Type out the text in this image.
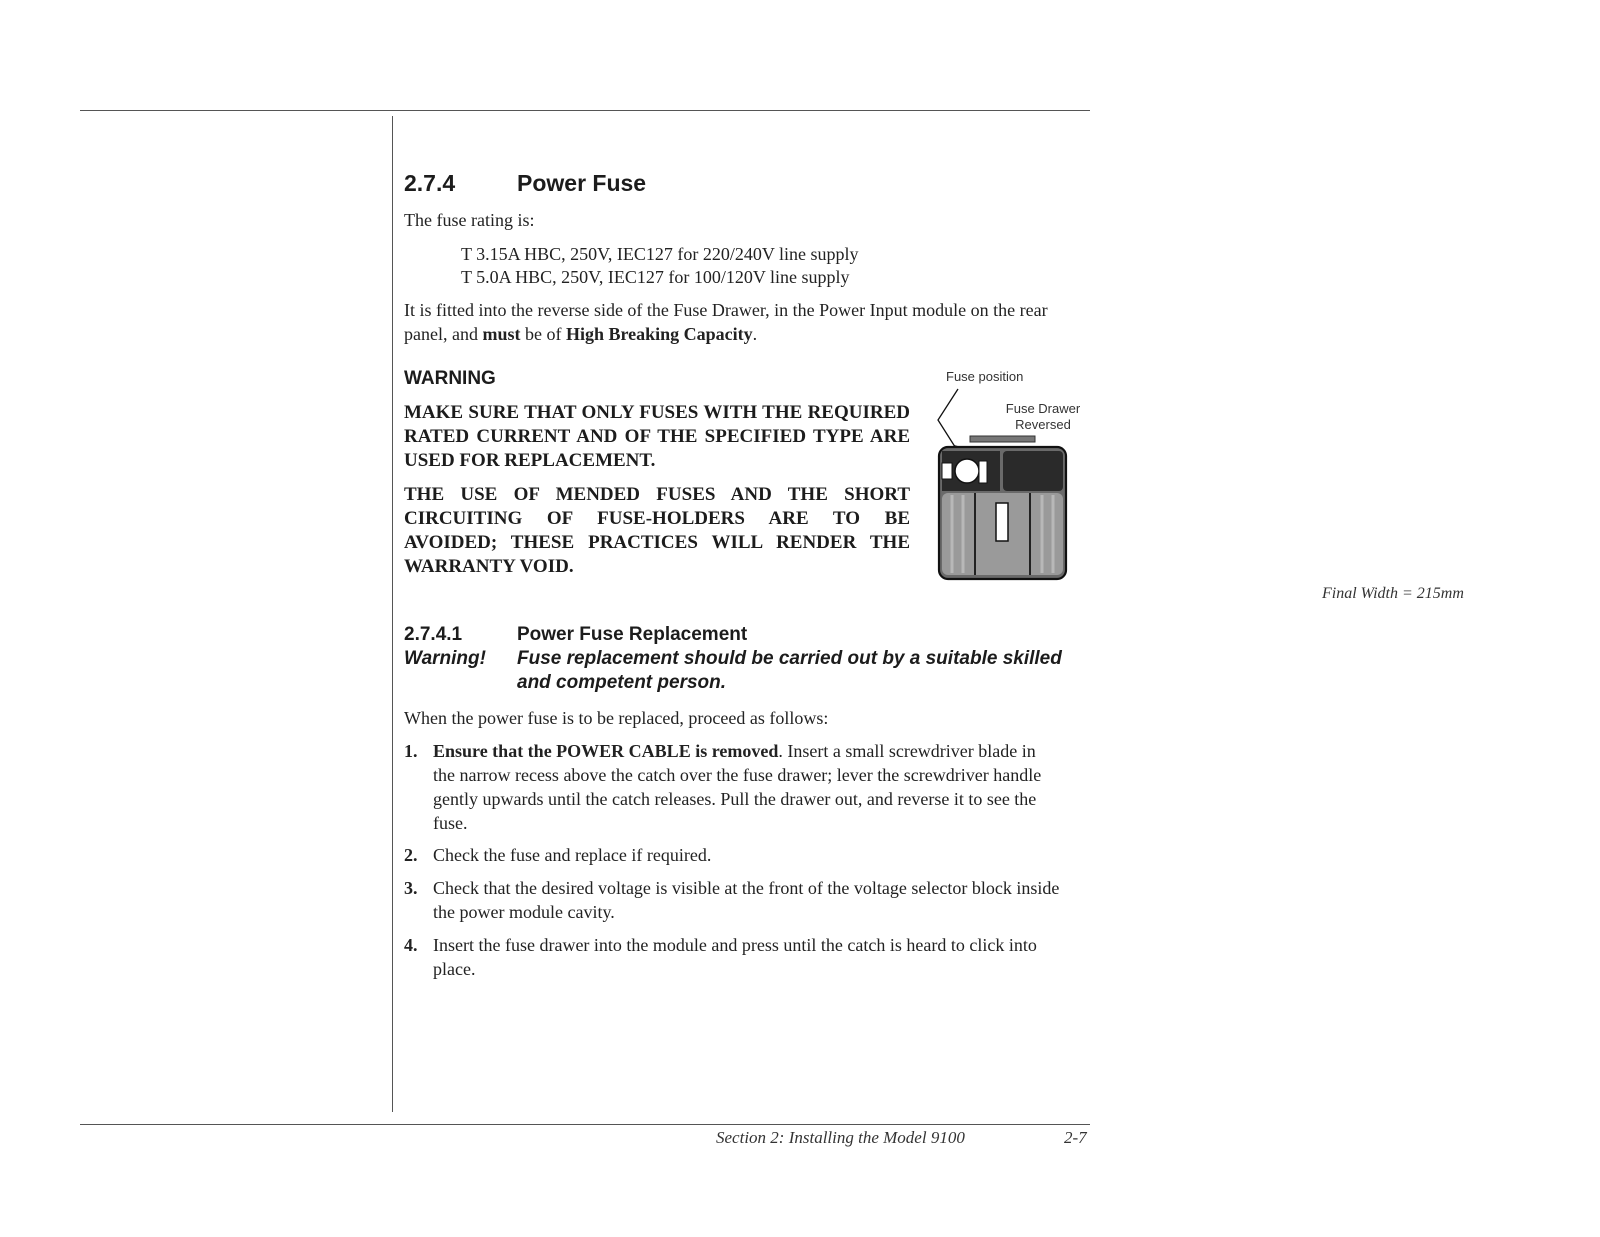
2.7.4	Power Fuse
The fuse rating is:
T 3.15A HBC, 250V, IEC127 for 220/240V line supply
T 5.0A HBC, 250V, IEC127 for 100/120V line supply
It is fitted into the reverse side of the Fuse Drawer, in the Power Input module on the rear panel, and must be of High Breaking Capacity.
WARNING
MAKE SURE THAT ONLY FUSES WITH THE REQUIRED
RATED CURRENT AND OF THE SPECIFIED TYPE ARE
USED FOR REPLACEMENT.
THE USE OF MENDED FUSES AND THE SHORT
CIRCUITING OF FUSE-HOLDERS ARE TO BE
AVOIDED; THESE PRACTICES WILL RENDER THE
WARRANTY VOID.
Fuse position
Fuse Drawer
Reversed
2.7.4.1	Power Fuse Replacement
Warning! Fuse replacement should be carried out by a suitable skilled
and competent person.
When the power fuse is to be replaced, proceed as follows:
1. Ensure that the POWER CABLE is removed. Insert a small screwdriver blade in
the narrow recess above the catch over the fuse drawer; lever the screwdriver handle
gently upwards until the catch releases. Pull the drawer out, and reverse it to see the
fuse.
2. Check the fuse and replace if required.
3. Check that the desired voltage is visible at the front of the voltage selector block inside
the power module cavity.
4. Insert the fuse drawer into the module and press until the catch is heard to click into
place.
Final Width = 215mm
Section 2: Installing the Model 9100	2-7
